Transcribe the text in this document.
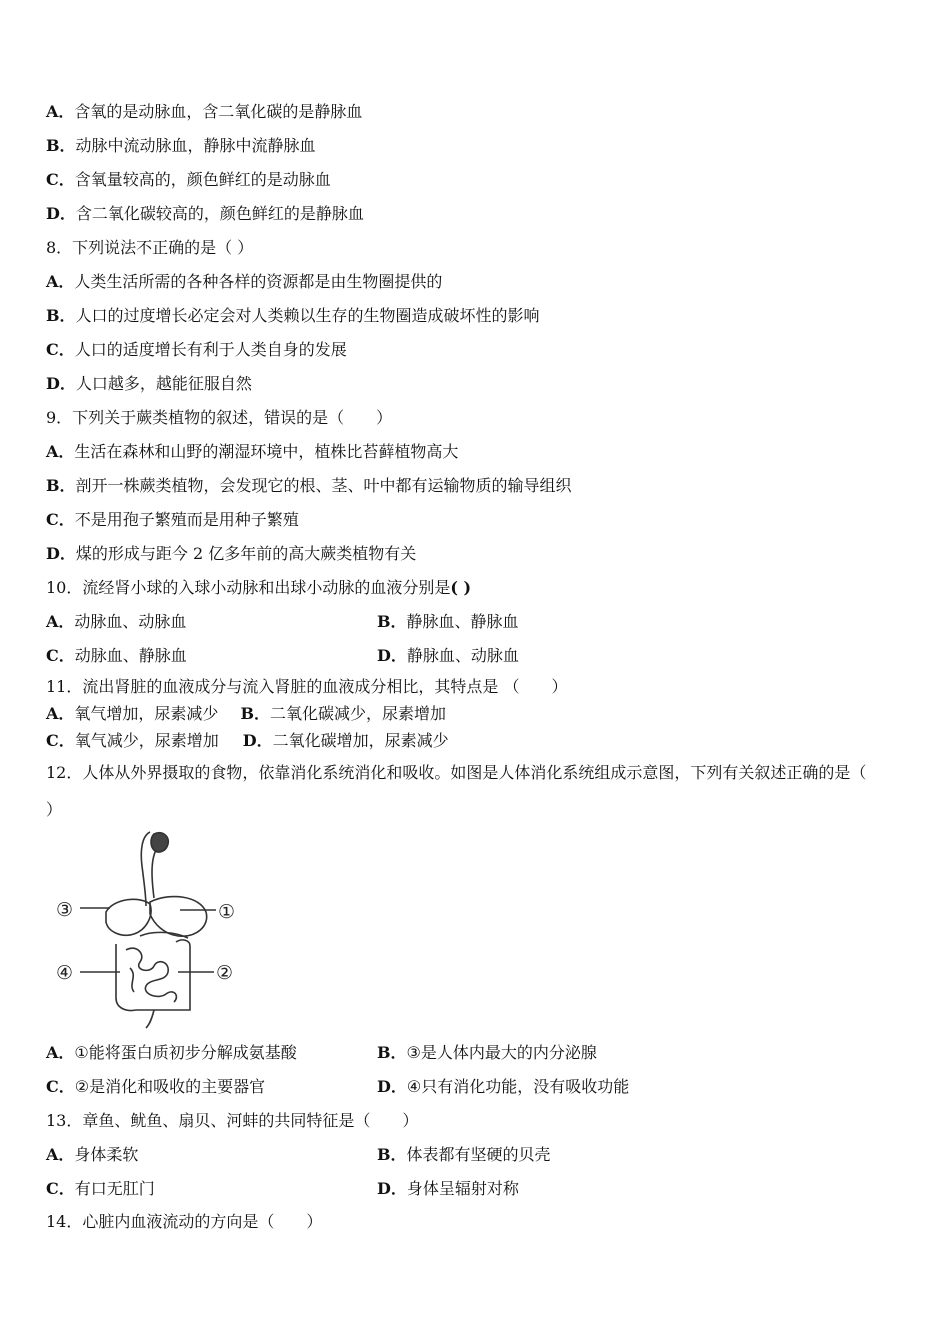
A．含氧的是动脉血，含二氧化碳的是静脉血
B．动脉中流动脉血，静脉中流静脉血
C．含氧量较高的，颜色鲜红的是动脉血
D．含二氧化碳较高的，颜色鲜红的是静脉血
8．下列说法不正确的是（ ）
A．人类生活所需的各种各样的资源都是由生物圈提供的
B．人口的过度增长必定会对人类赖以生存的生物圈造成破坏性的影响
C．人口的适度增长有利于人类自身的发展
D．人口越多，越能征服自然
9．下列关于蕨类植物的叙述，错误的是（　　）
A．生活在森林和山野的潮湿环境中，植株比苔藓植物高大
B．剖开一株蕨类植物，会发现它的根、茎、叶中都有运输物质的输导组织
C．不是用孢子繁殖而是用种子繁殖
D．煤的形成与距今 2 亿多年前的高大蕨类植物有关
10．流经肾小球的入球小动脉和出球小动脉的血液分别是( )
A．动脉血、动脉血	B．静脉血、静脉血
C．动脉血、静脉血	D．静脉血、动脉血
11．流出肾脏的血液成分与流入肾脏的血液成分相比，其特点是 （　　）
A．氧气增加，尿素减少 B．二氧化碳减少，尿素增加
C．氧气减少，尿素增加 D．二氧化碳增加，尿素减少
12．人体从外界摄取的食物，依靠消化系统消化和吸收。如图是人体消化系统组成示意图，下列有关叙述正确的是（
）
③	①
④	②
A．①能将蛋白质初步分解成氨基酸	B．③是人体内最大的内分泌腺
C．②是消化和吸收的主要器官	D．④只有消化功能，没有吸收功能
13．章鱼、鱿鱼、扇贝、河蚌的共同特征是（　　）
A．身体柔软	B．体表都有坚硬的贝壳
C．有口无肛门	D．身体呈辐射对称
14．心脏内血液流动的方向是（　　）
